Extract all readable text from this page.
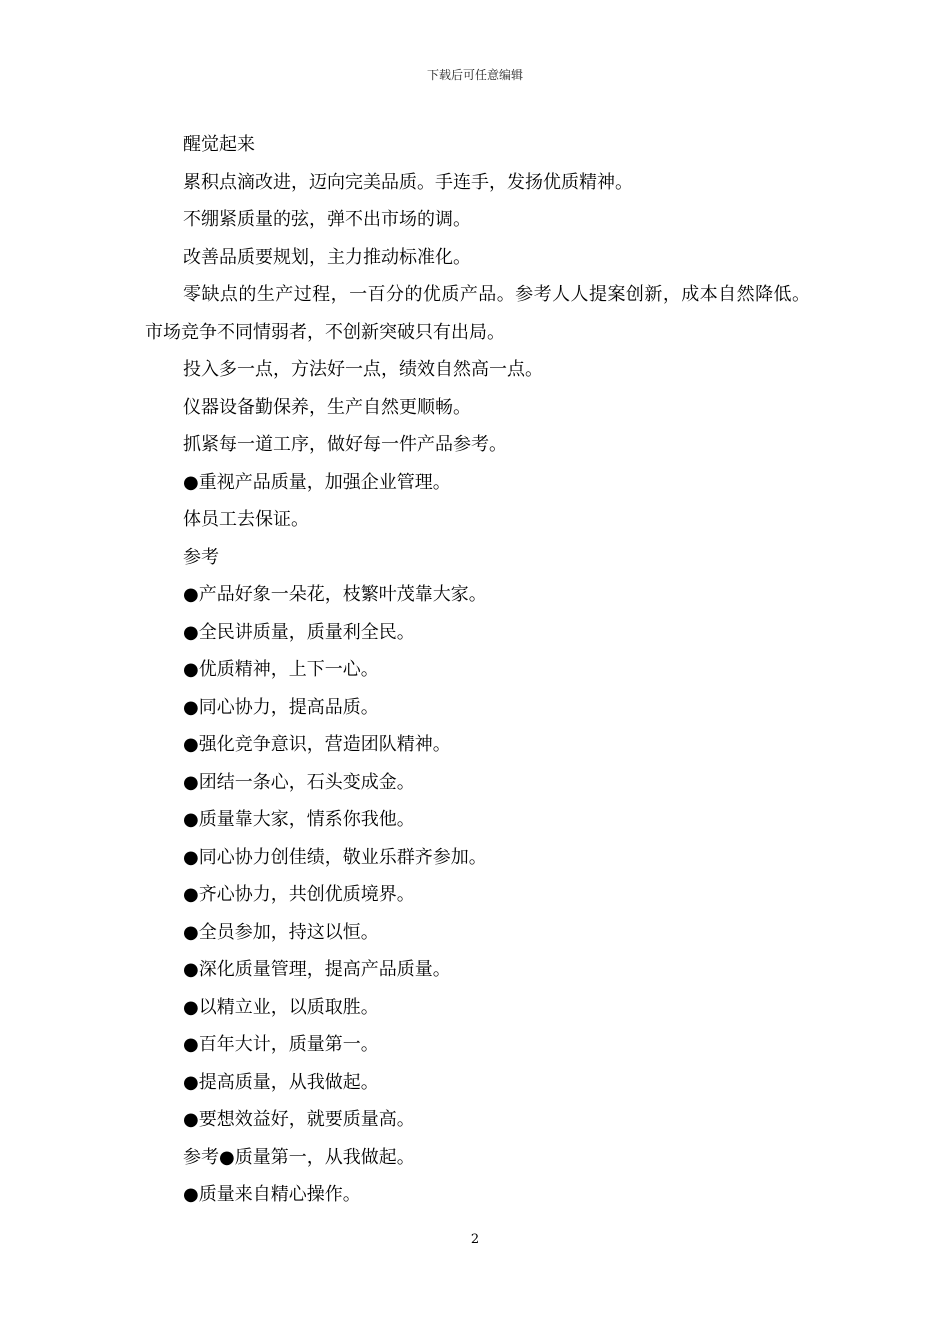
下载后可任意编辑

醒觉起来

累积点滴改进，迈向完美品质。手连手，发扬优质精神。

不绷紧质量的弦，弹不出市场的调。

改善品质要规划，主力推动标准化。

零缺点的生产过程，一百分的优质产品。参考人人提案创新，成本自然降低。市场竞争不同情弱者，不创新突破只有出局。

投入多一点，方法好一点，绩效自然高一点。

仪器设备勤保养，生产自然更顺畅。

抓紧每一道工序，做好每一件产品参考。

●重视产品质量，加强企业管理。

体员工去保证。

参考

●产品好象一朵花，枝繁叶茂靠大家。

●全民讲质量，质量利全民。

●优质精神，上下一心。

●同心协力，提高品质。

●强化竞争意识，营造团队精神。

●团结一条心，石头变成金。

●质量靠大家，情系你我他。

●同心协力创佳绩，敬业乐群齐参加。

●齐心协力，共创优质境界。

●全员参加，持这以恒。

●深化质量管理，提高产品质量。

●以精立业，以质取胜。

●百年大计，质量第一。

●提高质量，从我做起。

●要想效益好，就要质量高。

参考●质量第一，从我做起。

●质量来自精心操作。

2
